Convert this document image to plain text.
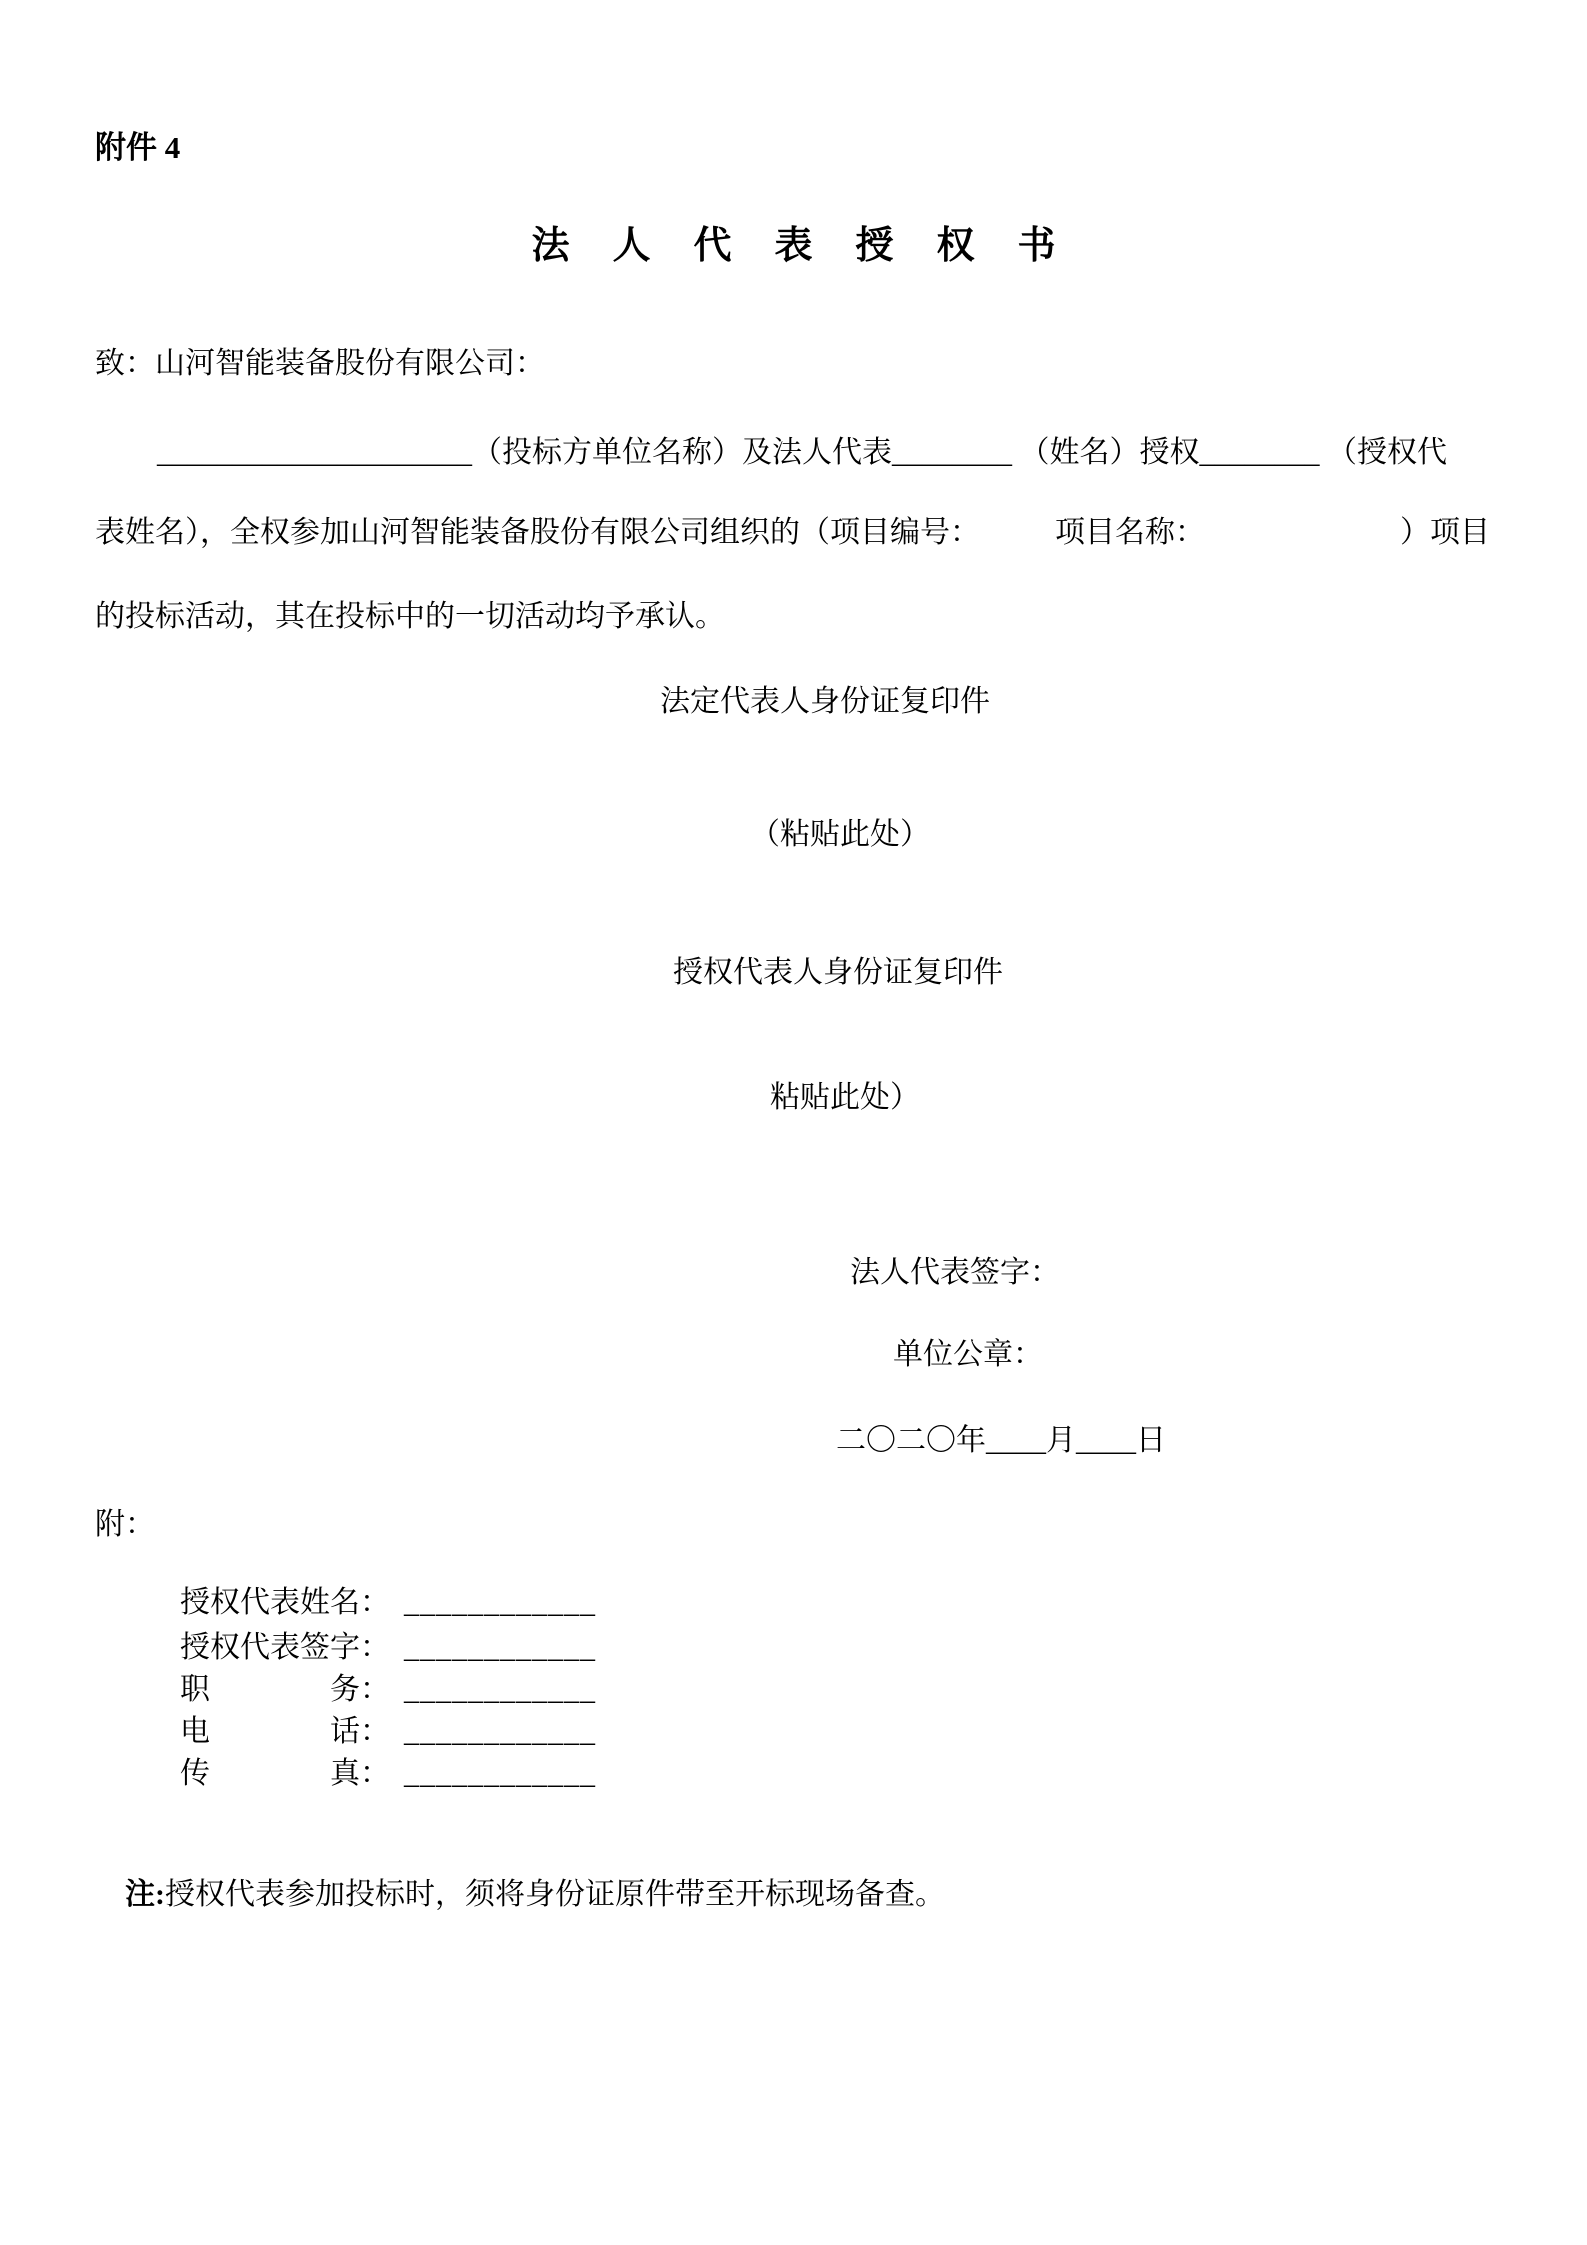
附件 4
法人代表授权书
致：山河智能装备股份有限公司：
_____________________（投标方单位名称）及法人代表________ （姓名）授权________ （授权代
表姓名），全权参加山河智能装备股份有限公司组织的（项目编号：　　　项目名称：　　　　　　　）项目
的投标活动，其在投标中的一切活动均予承认。
法定代表人身份证复印件
（粘贴此处）
授权代表人身份证复印件
粘贴此处）
法人代表签字：
单位公章：
二〇二〇年____月____日
附：

授权代表姓名： ____________

授权代表签字： ____________

职　　　　务： ____________

电　　　　话： ____________

传　　　　真： ____________

注:授权代表参加投标时，须将身份证原件带至开标现场备查。
